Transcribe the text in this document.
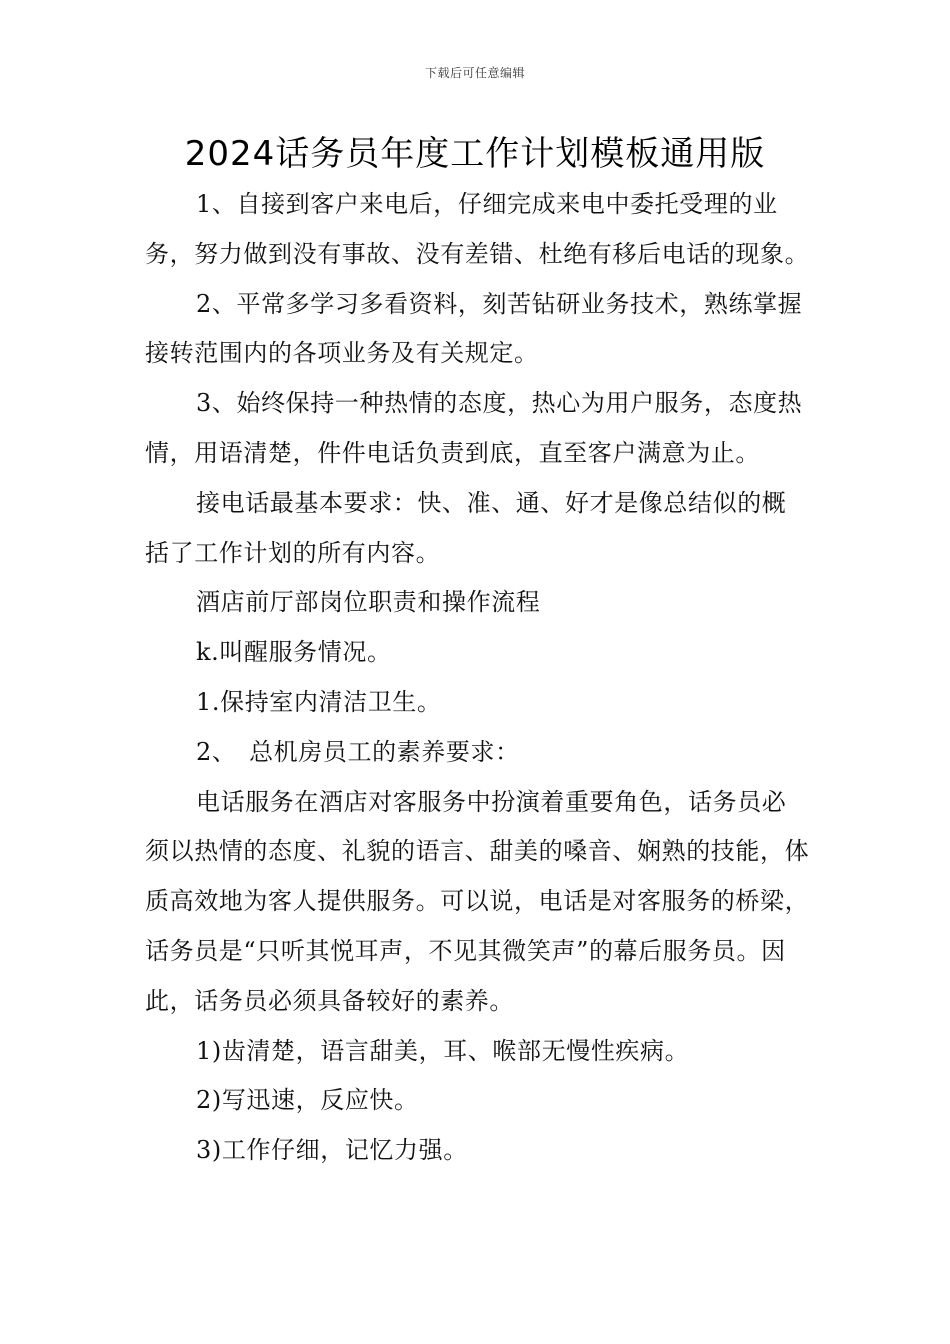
下载后可任意编辑
2024话务员年度工作计划模板通用版

1、自接到客户来电后，仔细完成来电中委托受理的业务，努力做到没有事故、没有差错、杜绝有移后电话的现象。

2、平常多学习多看资料，刻苦钻研业务技术，熟练掌握接转范围内的各项业务及有关规定。

3、始终保持一种热情的态度，热心为用户服务，态度热情，用语清楚，件件电话负责到底，直至客户满意为止。

接电话最基本要求：快、准、通、好才是像总结似的概括了工作计划的所有内容。

酒店前厅部岗位职责和操作流程

k.叫醒服务情况。

1.保持室内清洁卫生。

2、　总机房员工的素养要求：

电话服务在酒店对客服务中扮演着重要角色，话务员必须以热情的态度、礼貌的语言、甜美的嗓音、娴熟的技能，体质高效地为客人提供服务。可以说，电话是对客服务的桥梁，话务员是“只听其悦耳声，不见其微笑声”的幕后服务员。因此，话务员必须具备较好的素养。

1)齿清楚，语言甜美，耳、喉部无慢性疾病。

2)写迅速，反应快。

3)工作仔细，记忆力强。
